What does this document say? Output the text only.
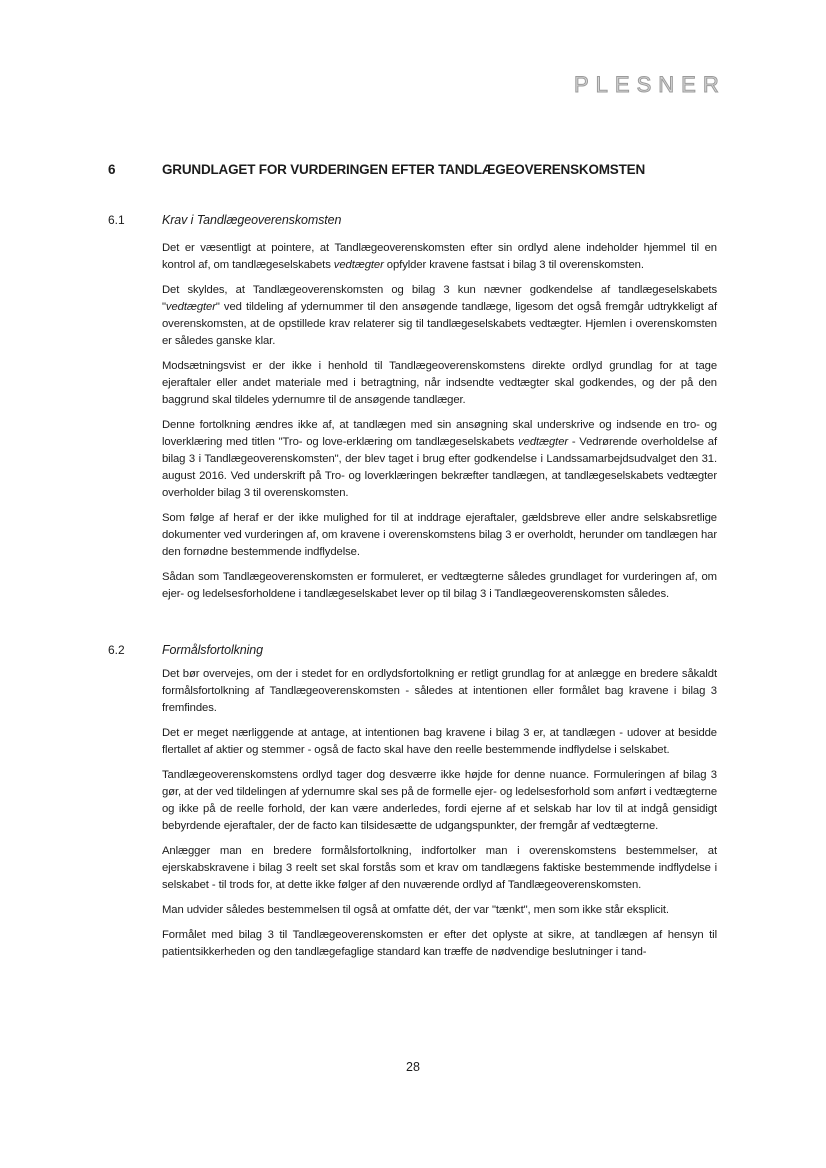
PLESNER
6	GRUNDLAGET FOR VURDERINGEN EFTER TANDLÆGEOVERENSKOMSTEN
6.1	Krav i Tandlægeoverenskomsten

Det er væsentligt at pointere, at Tandlægeoverenskomsten efter sin ordlyd alene indeholder hjemmel til en kontrol af, om tandlægeselskabets vedtægter opfylder kravene fastsat i bilag 3 til overenskomsten.

Det skyldes, at Tandlægeoverenskomsten og bilag 3 kun nævner godkendelse af tandlægeselskabets "vedtægter" ved tildeling af ydernummer til den ansøgende tandlæge, ligesom det også fremgår udtrykkeligt af overenskomsten, at de opstillede krav relaterer sig til tandlægeselskabets vedtægter. Hjemlen i overenskomsten er således ganske klar.

Modsætningsvist er der ikke i henhold til Tandlægeoverenskomstens direkte ordlyd grundlag for at tage ejeraftaler eller andet materiale med i betragtning, når indsendte vedtægter skal godkendes, og der på den baggrund skal tildeles ydernumre til de ansøgende tandlæger.

Denne fortolkning ændres ikke af, at tandlægen med sin ansøgning skal underskrive og indsende en tro- og loverklæring med titlen "Tro- og love-erklæring om tandlægeselskabets vedtægter - Vedrørende overholdelse af bilag 3 i Tandlægeoverenskomsten", der blev taget i brug efter godkendelse i Landssamarbejdsudvalget den 31. august 2016. Ved underskrift på Tro- og loverklæringen bekræfter tandlægen, at tandlægeselskabets vedtægter overholder bilag 3 til overenskomsten.

Som følge af heraf er der ikke mulighed for til at inddrage ejeraftaler, gældsbreve eller andre selskabsretlige dokumenter ved vurderingen af, om kravene i overenskomstens bilag 3 er overholdt, herunder om tandlægen har den fornødne bestemmende indflydelse.

Sådan som Tandlægeoverenskomsten er formuleret, er vedtægterne således grundlaget for vurderingen af, om ejer- og ledelsesforholdene i tandlægeselskabet lever op til bilag 3 i Tandlægeoverenskomsten således.

6.2	Formålsfortolkning

Det bør overvejes, om der i stedet for en ordlydsfortolkning er retligt grundlag for at anlægge en bredere såkaldt formålsfortolkning af Tandlægeoverenskomsten - således at intentionen eller formålet bag kravene i bilag 3 fremfindes.

Det er meget nærliggende at antage, at intentionen bag kravene i bilag 3 er, at tandlægen - udover at besidde flertallet af aktier og stemmer - også de facto skal have den reelle bestemmende indflydelse i selskabet.

Tandlægeoverenskomstens ordlyd tager dog desværre ikke højde for denne nuance. Formuleringen af bilag 3 gør, at der ved tildelingen af ydernumre skal ses på de formelle ejer- og ledelsesforhold som anført i vedtægterne og ikke på de reelle forhold, der kan være anderledes, fordi ejerne af et selskab har lov til at indgå gensidigt bebyrdende ejeraftaler, der de facto kan tilsidesætte de udgangspunkter, der fremgår af vedtægterne.

Anlægger man en bredere formålsfortolkning, indfortolker man i overenskomstens bestemmelser, at ejerskabskravene i bilag 3 reelt set skal forstås som et krav om tandlægens faktiske bestemmende indflydelse i selskabet - til trods for, at dette ikke følger af den nuværende ordlyd af Tandlægeoverenskomsten.

Man udvider således bestemmelsen til også at omfatte dét, der var "tænkt", men som ikke står eksplicit.

Formålet med bilag 3 til Tandlægeoverenskomsten er efter det oplyste at sikre, at tandlægen af hensyn til patientsikkerheden og den tandlægefaglige standard kan træffe de nødvendige beslutninger i tand-

28
